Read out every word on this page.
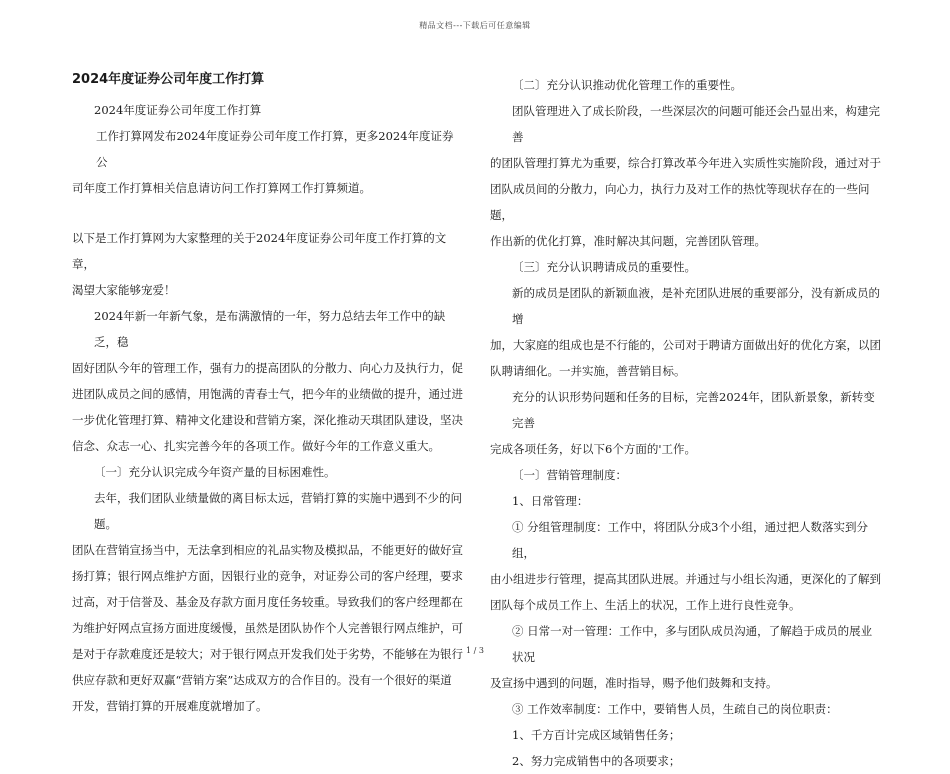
精品文档---下载后可任意编辑
2024年度证券公司年度工作打算

2024年度证券公司年度工作打算

工作打算网发布2024年度证券公司年度工作打算，更多2024年度证券公
司年度工作打算相关信息请访问工作打算网工作打算频道。

以下是工作打算网为大家整理的关于2024年度证券公司年度工作打算的文章，
渴望大家能够宠爱！

2024年新一年新气象，是布满激情的一年，努力总结去年工作中的缺乏，稳
固好团队今年的管理工作，强有力的提高团队的分散力、向心力及执行力，促
进团队成员之间的感情，用饱满的青春士气，把今年的业绩做的提升，通过进
一步优化管理打算、精神文化建设和营销方案，深化推动天琪团队建设，坚决
信念、众志一心、扎实完善今年的各项工作。做好今年的工作意义重大。

〔一〕充分认识完成今年资产量的目标困难性。

去年，我们团队业绩量做的离目标太远，营销打算的实施中遇到不少的问题。
团队在营销宣扬当中，无法拿到相应的礼品实物及模拟品，不能更好的做好宣
扬打算；银行网点维护方面，因银行业的竞争，对证券公司的客户经理，要求
过高，对于信誉及、基金及存款方面月度任务较重。导致我们的客户经理都在
为维护好网点宣扬方面进度缓慢，虽然是团队协作个人完善银行网点维护，可
是对于存款难度还是较大；对于银行网点开发我们处于劣势，不能够在为银行
供应存款和更好双赢“营销方案”达成双方的合作目的。没有一个很好的渠道
开发，营销打算的开展难度就增加了。

〔二〕充分认识推动优化管理工作的重要性。

团队管理进入了成长阶段，一些深层次的问题可能还会凸显出来，构建完善
的团队管理打算尤为重要，综合打算改革今年进入实质性实施阶段，通过对于
团队成员间的分散力，向心力，执行力及对工作的热忱等现状存在的一些问题，
作出新的优化打算，准时解决其问题，完善团队管理。

〔三〕充分认识聘请成员的重要性。

新的成员是团队的新颖血液，是补充团队进展的重要部分，没有新成员的增
加，大家庭的组成也是不行能的，公司对于聘请方面做出好的优化方案，以团
队聘请细化。一并实施，善营销目标。

充分的认识形势问题和任务的目标，完善2024年，团队新景象，新转变完善
完成各项任务，好以下6个方面的'工作。

〔一〕营销管理制度：

1、日常管理：

① 分组管理制度：工作中，将团队分成3个小组，通过把人数落实到分组，
由小组进步行管理，提高其团队进展。并通过与小组长沟通，更深化的了解到
团队每个成员工作上、生活上的状况，工作上进行良性竞争。

② 日常一对一管理：工作中，多与团队成员沟通，了解趋于成员的展业状况
及宣扬中遇到的问题，准时指导，赐予他们鼓舞和支持。

③ 工作效率制度：工作中，要销售人员，生疏自己的岗位职责：

1、千方百计完成区域销售任务；

2、努力完成销售中的各项要求；

1 / 3
